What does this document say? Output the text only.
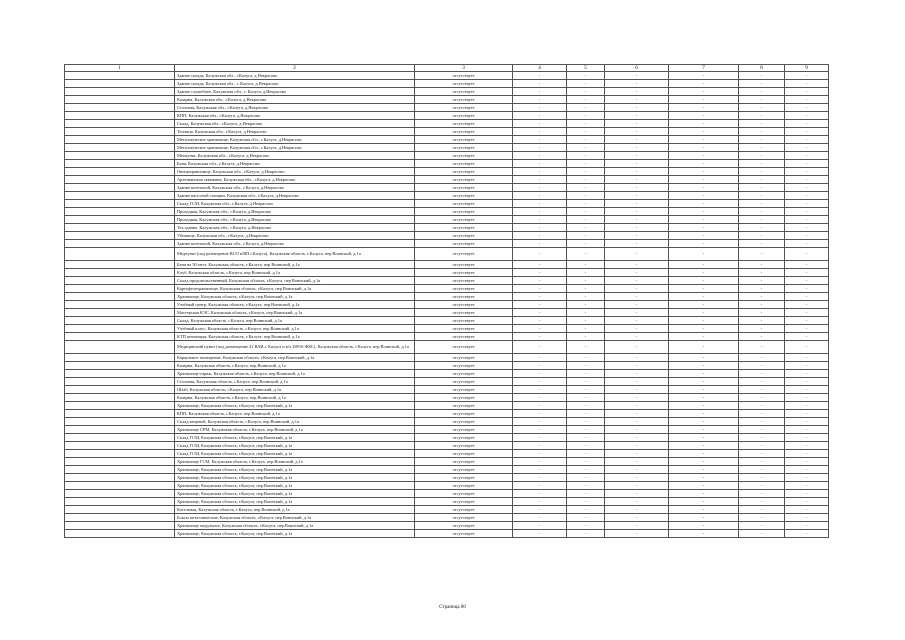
1	2	3	4	5	6	7	8	9
	Здание склада, Калужская обл., г.Калуга, д.Некрасово	отсутствует	-	-	-	-	-	-
	Здание склада, Калужская обл., г. Калуга, д.Некрасово	отсутствует	-	-	-	-	-	-
	Здание служебное, Калужская обл., г. Калуга, д.Некрасово	отсутствует	-	-	-	-	-	-
	Казарма, Калужская обл., г.Калуга, д.Некрасово	отсутствует	-	-	-	-	-	-
	Столовая, Калужская обл., г.Калуга, д.Некрасово	отсутствует	-	-	-	-	-	-
	КПП, Калужская обл., г.Калуга, д.Некрасово	отсутствует	-	-	-	-	-	-
	Склад, Калужская обл., г.Калуга, д.Некрасово	отсутствует	-	-	-	-	-	-
	Теплица, Калужская обл., г.Калуга, д.Некрасово	отсутствует	-	-	-	-	-	-
	Металлическое хранилище, Калужская обл., г.Калуга, д.Некрасово	отсутствует	-	-	-	-	-	-
	Металлическое хранилище, Калужская обл., г.Калуга, д.Некрасово	отсутствует	-	-	-	-	-	-
	Мехпункт, Калужская обл., г.Калуга, д.Некрасово	отсутствует	-	-	-	-	-	-
	Баня, Калужская обл., г.Калуга, д.Некрасово	отсутствует	-	-	-	-	-	-
	Овощехранилище, Калужская обл., г.Калуга, д.Некрасово	отсутствует	-	-	-	-	-	-
	Артезианская скважина, Калужская обл., г.Калуга, д.Некрасово	отсутствует	-	-	-	-	-	-
	Здание котельной, Калужская обл., г.Калуга, д.Некрасово	отсутствует	-	-	-	-	-	-
	Здание насосной станции, Калужская обл., г.Калуга, д.Некрасово	отсутствует	-	-	-	-	-	-
	Склад ГСМ, Калужская обл., г.Калуга, д.Некрасово	отсутствует	-	-	-	-	-	-
	Проходная, Калужская обл., г.Калуга, д.Некрасово	отсутствует	-	-	-	-	-	-
	Проходная, Калужская обл., г.Калуга, д.Некрасово	отсутствует	-	-	-	-	-	-
	Тех.здание, Калужская обл., г.Калуга, д.Некрасово	отсутствует	-	-	-	-	-	-
	Убежище, Калужская обл., г.Калуга, д.Некрасово	отсутствует	-	-	-	-	-	-
	Здание котельной, Калужская обл., г.Калуга, д.Некрасово	отсутствует	-	-	-	-	-	-
	Медпункт (под размещение ВСО в/ВП г.Калуга), Калужская область, г.Калуга, пер.Воинский, д.1а	отсутствует	-	-	-	-	-	-
	Баня на 50 мест, Калужская область, г.Калуга, пер.Воинский, д.1а	отсутствует	-	-	-	-	-	-
	Клуб, Калужская область, г.Калуга, пер.Воинский, д.1а	отсутствует	-	-	-	-	-	-
	Склад продовольственный, Калужская область, г.Калуга, пер.Воинский, д.1а	отсутствует	-	-	-	-	-	-
	Картофелехранилище, Калужская область, г.Калуга, пер.Воинский, д.1а	отсутствует	-	-	-	-	-	-
	Хранилище, Калужская область, г.Калуга, пер.Воинский, д.1а	отсутствует	-	-	-	-	-	-
	Учебный центр, Калужская область, г.Калуга, пер.Воинский, д.1а	отсутствует	-	-	-	-	-	-
	Мастерская КЭС, Калужская область, г.Калуга, пер.Воинский, д.1а	отсутствует	-	-	-	-	-	-
	Склад, Калужская область, г.Калуга, пер.Воинский, д.1а	отсутствует	-	-	-	-	-	-
	Учебный класс, Калужская область, г.Калуга, пер.Воинский, д.1а	отсутствует	-	-	-	-	-	-
	КТП питающая, Калужская область, г.Калуга, пер.Воинский, д.1а	отсутствует	-	-	-	-	-	-
	Медицинский пункт (под размещение 41 ВАИ г. Калуга и в/ч 28916-ФКС), Калужская область, г.Калуга, пер.Воинский, д.1а	отсутствует	-	-	-	-	-	-
	Караульное помещение, Калужская область, г.Калуга, пер.Воинский, д.1а	отсутствует	-	-	-	-	-	-
	Казарма, Калужская область, г.Калуга, пер.Воинский, д.1а	отсутствует	-	-	-	-	-	-
	Хранилище-гараж, Калужская область, г.Калуга, пер.Воинский, д.1а	отсутствует	-	-	-	-	-	-
	Столовая, Калужская область, г.Калуга, пер.Воинский, д.1а	отсутствует	-	-	-	-	-	-
	Штаб, Калужская область, г.Калуга, пер.Воинский, д.1а	отсутствует	-	-	-	-	-	-
	Казарма, Калужская область, г.Калуга, пер.Воинский, д.1а	отсутствует	-	-	-	-	-	-
	Хранилище, Калужская область, г.Калуга, пер.Воинский, д.1а	отсутствует	-	-	-	-	-	-
	КПП, Калужская область, г.Калуга, пер.Воинский, д.1а	отсутствует	-	-	-	-	-	-
	Склад вещевой, Калужская область, г.Калуга, пер.Воинский, д.1а	отсутствует	-	-	-	-	-	-
	Хранилище СРМ, Калужская область, г.Калуга, пер.Воинский, д.1а	отсутствует	-	-	-	-	-	-
	Склад ГСМ, Калужская область, г.Калуга, пер.Воинский, д.1а	отсутствует	-	-	-	-	-	-
	Склад ГСМ, Калужская область, г.Калуга, пер.Воинский, д.1а	отсутствует	-	-	-	-	-	-
	Склад ГСМ, Калужская область, г.Калуга, пер.Воинский, д.1а	отсутствует	-	-	-	-	-	-
	Хранилище ГСМ, Калужская область, г.Калуга, пер.Воинский, д.1а	отсутствует	-	-	-	-	-	-
	Хранилище, Калужская область, г.Калуга, пер.Воинский, д.1а	отсутствует	-	-	-	-	-	-
	Хранилище, Калужская область, г.Калуга, пер.Воинский, д.1а	отсутствует	-	-	-	-	-	-
	Хранилище, Калужская область, г.Калуга, пер.Воинский, д.1а	отсутствует	-	-	-	-	-	-
	Хранилище, Калужская область, г.Калуга, пер.Воинский, д.1а	отсутствует	-	-	-	-	-	-
	Хранилище, Калужская область, г.Калуга, пер.Воинский, д.1а	отсутствует	-	-	-	-	-	-
	Котельная, Калужская область, г.Калуга, пер.Воинский, д.1а	отсутствует	-	-	-	-	-	-
	Боксы металлические, Калужская область, г.Калуга, пер.Воинский, д.1а	отсутствует	-	-	-	-	-	-
	Хранилище модульное, Калужская область, г.Калуга, пер.Воинский, д.1а	отсутствует	-	-	-	-	-	-
	Хранилище, Калужская область, г.Калуга, пер.Воинский, д.1а	отсутствует	-	-	-	-	-	-
Страница 80
